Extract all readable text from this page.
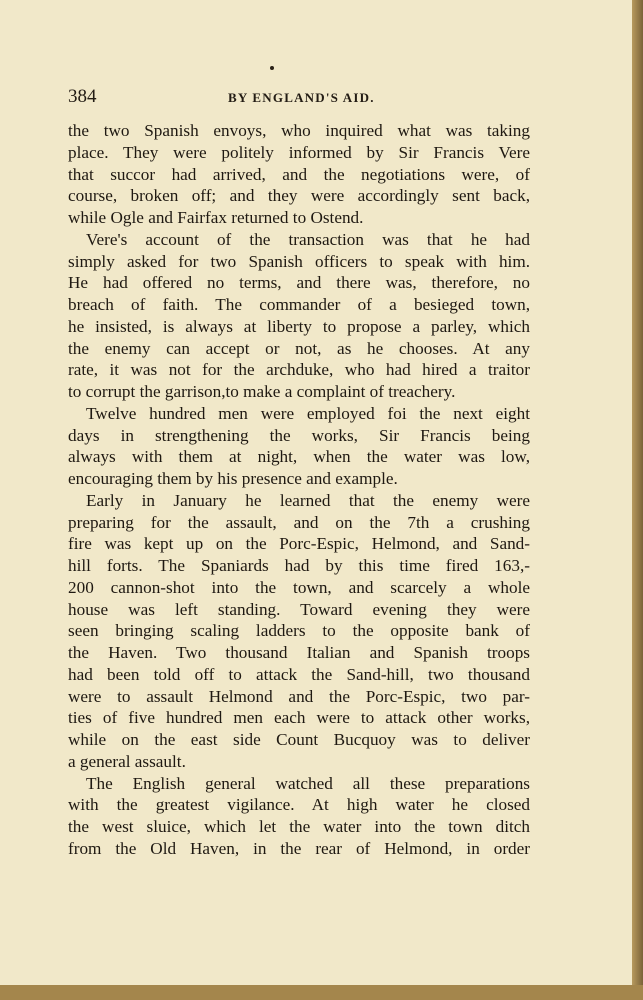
384	BY ENGLAND'S AID.
the two Spanish envoys, who inquired what was taking
place. They were politely informed by Sir Francis Vere
that succor had arrived, and the negotiations were, of
course, broken off; and they were accordingly sent back,
while Ogle and Fairfax returned to Ostend.
Vere's account of the transaction was that he had
simply asked for two Spanish officers to speak with him.
He had offered no terms, and there was, therefore, no
breach of faith. The commander of a besieged town,
he insisted, is always at liberty to propose a parley, which
the enemy can accept or not, as he chooses. At any
rate, it was not for the archduke, who had hired a traitor
to corrupt the garrison,to make a complaint of treachery.
Twelve hundred men were employed foi the next eight
days in strengthening the works, Sir Francis being
always with them at night, when the water was low,
encouraging them by his presence and example.
Early in January he learned that the enemy were
preparing for the assault, and on the 7th a crushing
fire was kept up on the Porc-Espic, Helmond, and Sand-
hill forts. The Spaniards had by this time fired 163,-
200 cannon-shot into the town, and scarcely a whole
house was left standing. Toward evening they were
seen bringing scaling ladders to the opposite bank of
the Haven. Two thousand Italian and Spanish troops
had been told off to attack the Sand-hill, two thousand
were to assault Helmond and the Porc-Espic, two par-
ties of five hundred men each were to attack other works,
while on the east side Count Bucquoy was to deliver
a general assault.
The English general watched all these preparations
with the greatest vigilance. At high water he closed
the west sluice, which let the water into the town ditch
from the Old Haven, in the rear of Helmond, in order
